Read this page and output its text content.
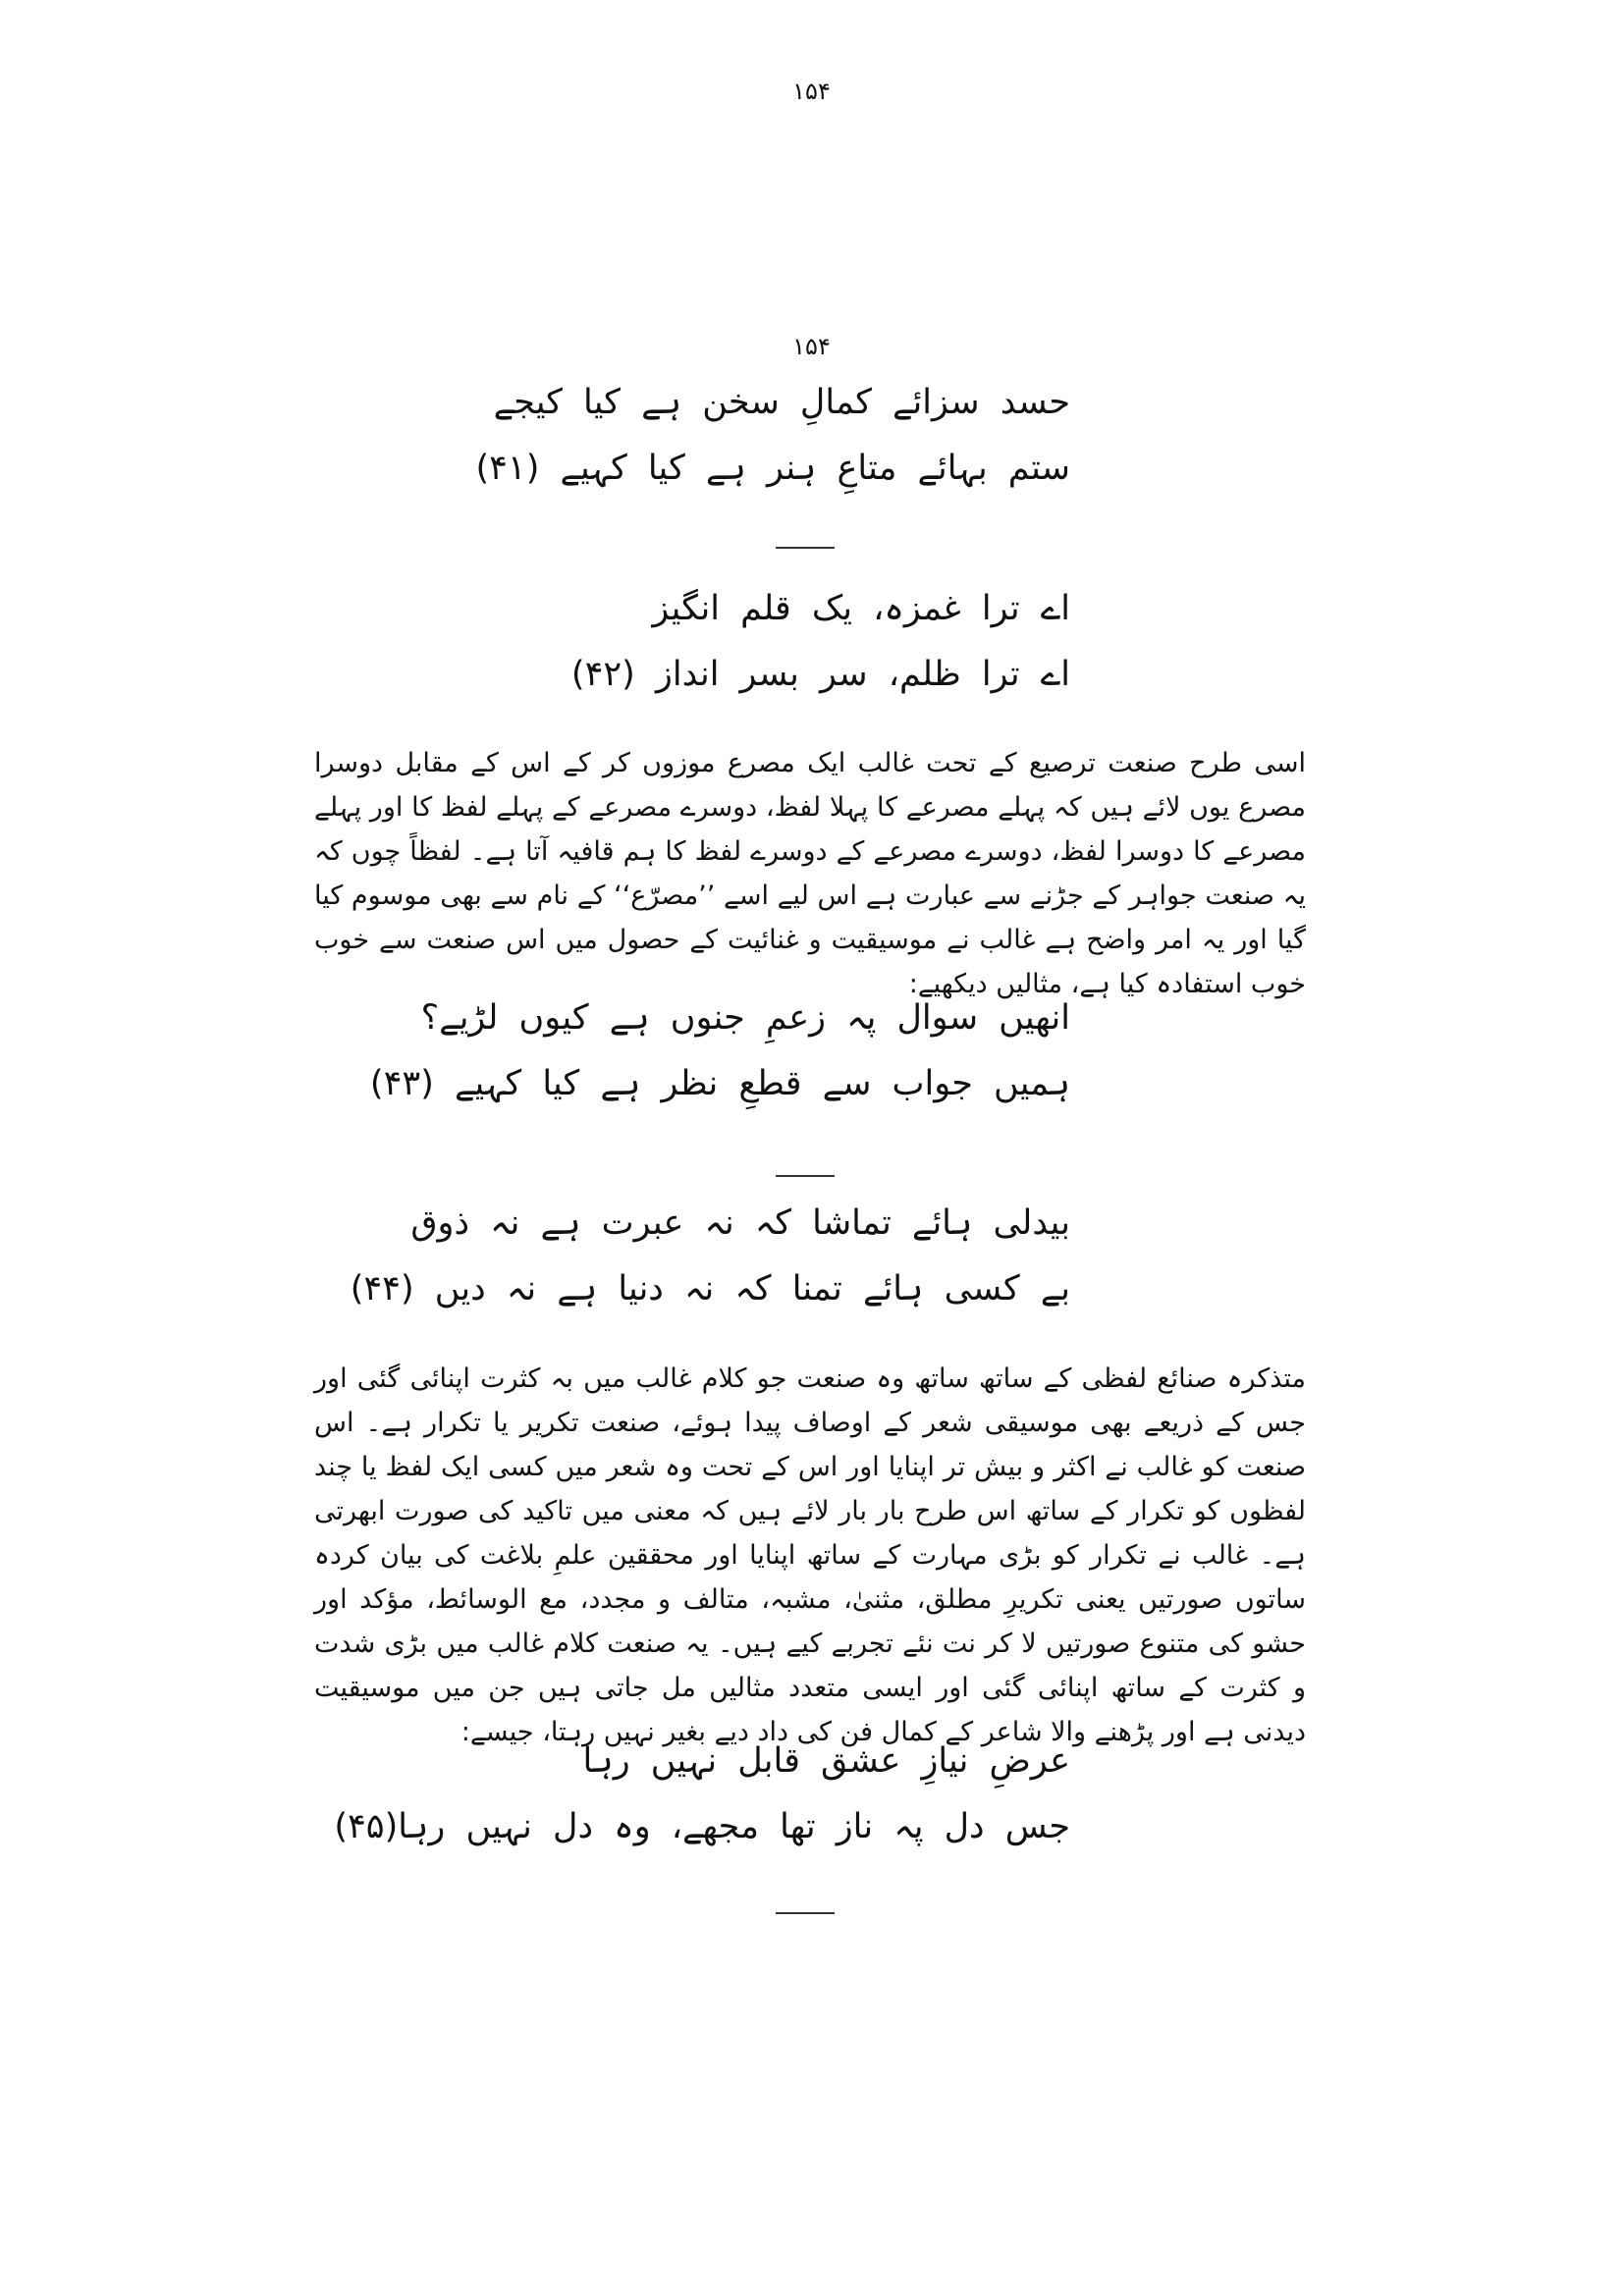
۱۵۴
۱۵۴
حسد سزائے کمالِ سخن ہے کیا کیجے
ستم بہائے متاعِ ہنر ہے کیا کہیے (۴۱)
اے ترا غمزہ، یک قلم انگیز
اے ترا ظلم، سر بسر انداز (۴۲)

اسی طرح صنعت ترصیع کے تحت غالب ایک مصرع موزوں کر کے اس کے مقابل دوسرا مصرع یوں لائے ہیں کہ پہلے مصرعے کا پہلا لفظ، دوسرے مصرعے کے پہلے لفظ کا اور پہلے مصرعے کا دوسرا لفظ، دوسرے مصرعے کے دوسرے لفظ کا ہم قافیہ آتا ہے۔ لفظاً چوں کہ یہ صنعت جواہر کے جڑنے سے عبارت ہے اس لیے اسے ’’مصرّع‘‘ کے نام سے بھی موسوم کیا گیا اور یہ امر واضح ہے غالب نے موسیقیت و غنائیت کے حصول میں اس صنعت سے خوب خوب استفادہ کیا ہے، مثالیں دیکھیے:

انھیں سوال پہ زعمِ جنوں ہے کیوں لڑیے؟
ہمیں جواب سے قطعِ نظر ہے کیا کہیے (۴۳)
بیدلی ہائے تماشا کہ نہ عبرت ہے نہ ذوق
بے کسی ہائے تمنا کہ نہ دنیا ہے نہ دیں (۴۴)

متذکرہ صنائع لفظی کے ساتھ ساتھ وہ صنعت جو کلام غالب میں بہ کثرت اپنائی گئی اور جس کے ذریعے بھی موسیقی شعر کے اوصاف پیدا ہوئے، صنعت تکریر یا تکرار ہے۔ اس صنعت کو غالب نے اکثر و بیش تر اپنایا اور اس کے تحت وہ شعر میں کسی ایک لفظ یا چند لفظوں کو تکرار کے ساتھ اس طرح بار بار لائے ہیں کہ معنی میں تاکید کی صورت ابھرتی ہے۔ غالب نے تکرار کو بڑی مہارت کے ساتھ اپنایا اور محققین علمِ بلاغت کی بیان کردہ ساتوں صورتیں یعنی تکریرِ مطلق، مثنیٰ، مشبہ، متالف و مجدد، مع الوسائط، مؤکد اور حشو کی متنوع صورتیں لا کر نت نئے تجربے کیے ہیں۔ یہ صنعت کلام غالب میں بڑی شدت و کثرت کے ساتھ اپنائی گئی اور ایسی متعدد مثالیں مل جاتی ہیں جن میں موسیقیت دیدنی ہے اور پڑھنے والا شاعر کے کمال فن کی داد دیے بغیر نہیں رہتا، جیسے:

عرضِ نیازِ عشق قابل نہیں رہا
جس دل پہ ناز تھا مجھے، وہ دل نہیں رہا(۴۵)
